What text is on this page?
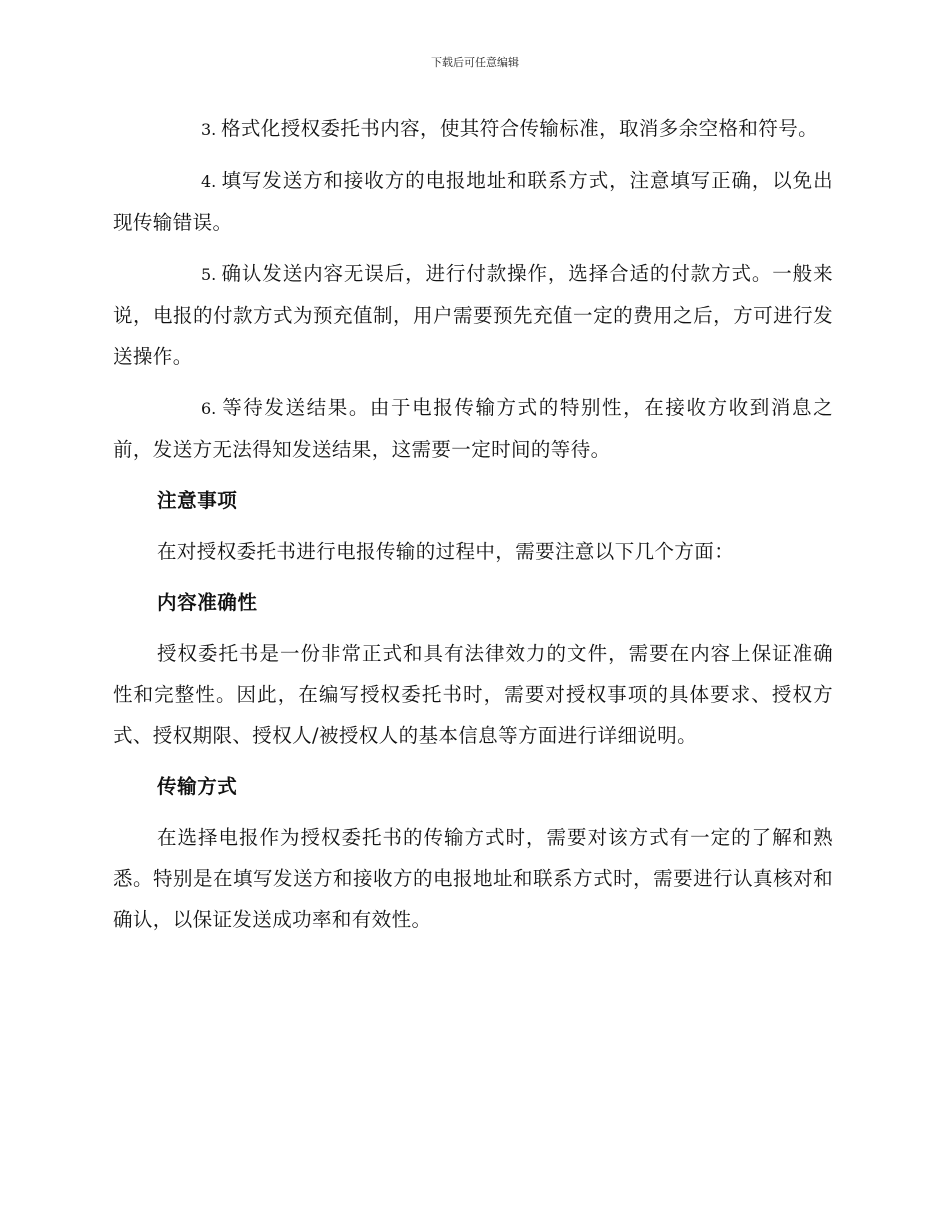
下载后可任意编辑

3. 格式化授权委托书内容，使其符合传输标准，取消多余空格和符号。

4. 填写发送方和接收方的电报地址和联系方式，注意填写正确，以免出现传输错误。

5. 确认发送内容无误后，进行付款操作，选择合适的付款方式。一般来说，电报的付款方式为预充值制，用户需要预先充值一定的费用之后，方可进行发送操作。

6. 等待发送结果。由于电报传输方式的特别性，在接收方收到消息之前，发送方无法得知发送结果，这需要一定时间的等待。

注意事项

在对授权委托书进行电报传输的过程中，需要注意以下几个方面：

内容准确性

授权委托书是一份非常正式和具有法律效力的文件，需要在内容上保证准确性和完整性。因此，在编写授权委托书时，需要对授权事项的具体要求、授权方式、授权期限、授权人/被授权人的基本信息等方面进行详细说明。

传输方式

在选择电报作为授权委托书的传输方式时，需要对该方式有一定的了解和熟悉。特别是在填写发送方和接收方的电报地址和联系方式时，需要进行认真核对和确认，以保证发送成功率和有效性。
